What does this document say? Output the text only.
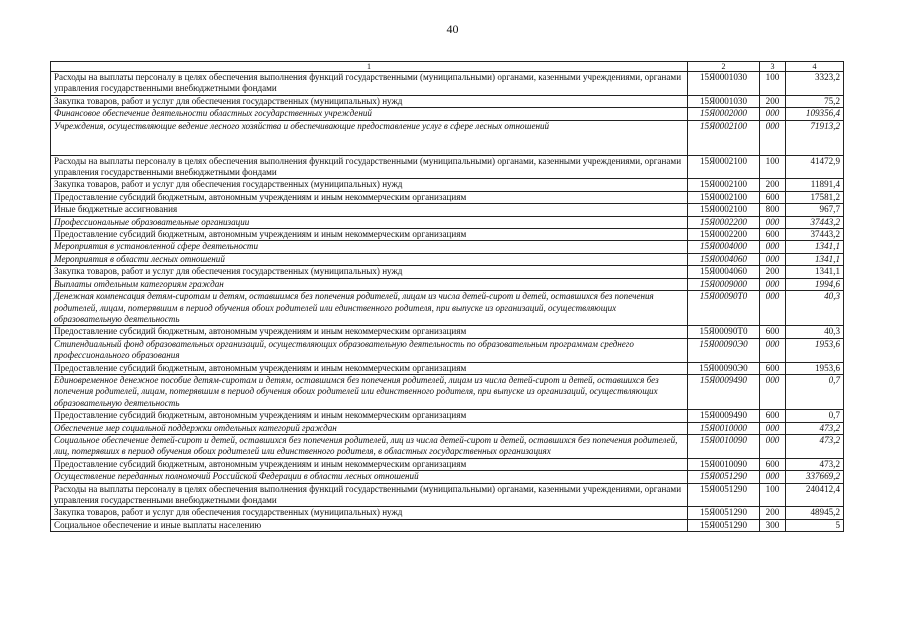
40
1	2	3	4
Расходы на выплаты персоналу в целях обеспечения выполнения функций государственными (муниципальными) органами, казенными учреждениями, органами управления государственными внебюджетными фондами	15Я0001030	100	3323,2
Закупка товаров, работ и услуг для обеспечения государственных (муниципальных) нужд	15Я0001030	200	75,2
Финансовое обеспечение деятельности областных государственных учреждений	15Я0002000	000	109356,4
Учреждения, осуществляющие ведение лесного хозяйства и обеспечивающие предоставление услуг в сфере лесных отношений	15Я0002100	000	71913,2
Расходы на выплаты персоналу в целях обеспечения выполнения функций государственными (муниципальными) органами, казенными учреждениями, органами управления государственными внебюджетными фондами	15Я0002100	100	41472,9
Закупка товаров, работ и услуг для обеспечения государственных (муниципальных) нужд	15Я0002100	200	11891,4
Предоставление субсидий бюджетным, автономным учреждениям и иным некоммерческим организациям	15Я0002100	600	17581,2
Иные бюджетные ассигнования	15Я0002100	800	967,7
Профессиональные образовательные организации	15Я0002200	000	37443,2
Предоставление субсидий бюджетным, автономным учреждениям и иным некоммерческим организациям	15Я0002200	600	37443,2
Мероприятия в установленной сфере деятельности	15Я0004000	000	1341,1
Мероприятия в области лесных отношений	15Я0004060	000	1341,1
Закупка товаров, работ и услуг для обеспечения государственных (муниципальных) нужд	15Я0004060	200	1341,1
Выплаты отдельным категориям граждан	15Я0009000	000	1994,6
Денежная компенсация детям-сиротам и детям, оставшимся без попечения родителей, лицам из числа детей-сирот и детей, оставшихся без попечения родителей, лицам, потерявшим в период обучения обоих родителей или единственного родителя, при выпуске из организаций, осуществляющих образовательную деятельность	15Я00090Т0	000	40,3
Предоставление субсидий бюджетным, автономным учреждениям и иным некоммерческим организациям	15Я00090Т0	600	40,3
Стипендиальный фонд образовательных организаций, осуществляющих образовательную деятельность по образовательным программам среднего профессионального образования	15Я00090Э0	000	1953,6
Предоставление субсидий бюджетным, автономным учреждениям и иным некоммерческим организациям	15Я00090Э0	600	1953,6
Единовременное денежное пособие детям-сиротам и детям, оставшимся без попечения родителей, лицам из числа детей-сирот и детей, оставшихся без попечения родителей, лицам, потерявшим в период обучения обоих родителей или единственного родителя, при выпуске из организаций, осуществляющих образовательную деятельность	15Я0009490	000	0,7
Предоставление субсидий бюджетным, автономным учреждениям и иным некоммерческим организациям	15Я0009490	600	0,7
Обеспечение мер социальной поддержки отдельных категорий граждан	15Я0010000	000	473,2
Социальное обеспечение детей-сирот и детей, оставшихся без попечения родителей, лиц из числа детей-сирот и детей, оставшихся без попечения родителей, лиц, потерявших в период обучения обоих родителей или единственного родителя, в областных государственных организациях	15Я0010090	000	473,2
Предоставление субсидий бюджетным, автономным учреждениям и иным некоммерческим организациям	15Я0010090	600	473,2
Осуществление переданных полномочий Российской Федерации в области лесных отношений	15Я0051290	000	337669,2
Расходы на выплаты персоналу в целях обеспечения выполнения функций государственными (муниципальными) органами, казенными учреждениями, органами управления государственными внебюджетными фондами	15Я0051290	100	240412,4
Закупка товаров, работ и услуг для обеспечения государственных (муниципальных) нужд	15Я0051290	200	48945,2
Социальное обеспечение и иные выплаты населению	15Я0051290	300	5
